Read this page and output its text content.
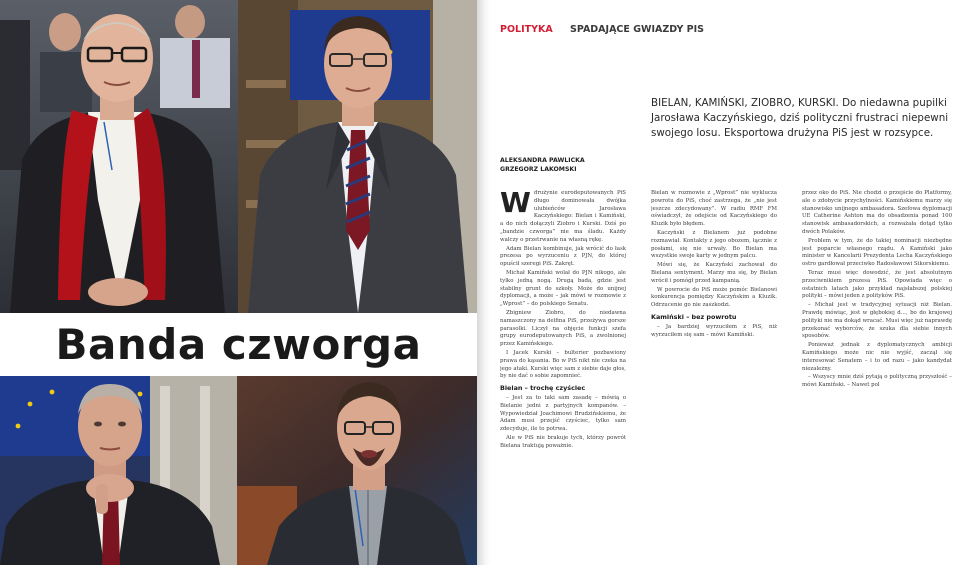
Banda czworga
POLITYKA SPADAJĄCE GWIAZDY PIS

BIELAN, KAMIŃSKI, ZIOBRO, KURSKI. Do niedawna pupilki Jarosława Kaczyńskiego, dziś polityczni frustraci niepewni swojego losu. Eksportowa drużyna PiS jest w rozsypce.

ALEKSANDRA PAWLICKA
GRZEGORZ LAKOMSKI

Wdrużynie eurodeputowanych PiS długo dominowała dwójka ulubieńców Jarosława Kaczyńskiego: Bielan i Kamiński, a do nich dołączyli Ziobro i Kurski. Dziś po „bandzie czworga” nie ma śladu. Każdy walczy o przetrwanie na własną rękę.

Adam Bielan kombinuje, jak wrócić do łask prezesa po wyrzuceniu z PJN, do której opuścił szeregi PiS. Zakręt.

Michał Kamiński wolał do PJN nikogo, ale tylko jedną nogą. Drugą bada, gdzie jest stabilny grunt do szkoły. Może do unijnej dyplomacji, a może – jak mówi w rozmowie z „Wprost” – do polskiego Senatu.

Zbigniew Ziobro, do niedawna namaszczony na delfina PiS, przeżywa gorsze parasolki. Liczył na objęcie funkcji szefa grupy eurodeputowanych PiS, a zwolnionej przez Kamińskiego.

I Jacek Kurski – bulterier pozbawiony prawa do kąsania. Bo w PiS nikt nie czeka na jego ataki. Kurski więc sam z siebie daje głos, by nie dać o sobie zapomnieć.

Bielan – trochę czyściec

– Jest za to taki sam zasadę – mówią o Bielanie jedni z partyjnych kompanów. – Wypowiedział Joachimowi Brudzińskiemu, że Adam musi przejść czyściec, tylko sam zdecyduje, ile to potrwa.

Ale w PiS nie brakuje tych, którzy powrót Bielana traktują poważnie.

Bielan w rozmowie z „Wprost” nie wyklucza powrotu do PiS, choć zastrzega, że „nie jest jeszcze zdecydowany”. W radiu RMF FM oświadczył, że odejście od Kaczyńskiego do Kluzik było błędem.

Kaczyński z Bielanem już podobne rozmawiał. Kontakty z jego obozem, łącznie z posłami, się nie urwały. Bo Bielan ma wszystkie swoje karty w jednym palcu.

Mówi się, że Kaczyński zachował do Bielana sentyment. Marzy mu się, by Bielan wrócił i pomógł przed kampanią.

W powrocie do PiS może pomóc Bielanowi konkurencja pomiędzy Kaczyńskim a Kluzik. Odrzucenie go nie zaszkodzi.

Kamiński – bez powrotu

– Ja bardziej wyrzuciłem z PiS, niż wyrzuciłem się sam – mówi Kamiński.

przez oko do PiS. Nie chodzi o przejście do Platformy, ale o zdobycie przychylności. Kamińskiemu marzy się stanowisko unijnego ambasadora. Szefowa dyplomacji UE Catherine Ashton ma do obsadzenia ponad 100 stanowisk ambasadorskich, a rozważała dotąd tylko dwóch Polaków.

Problem w tym, że do takiej nominacji niezbędne jest poparcie własnego rządu. A Kamiński jako minister w Kancelarii Prezydenta Lecha Kaczyńskiego ostro gardłował przeciwko Radosławowi Sikorskiemu.

Teraz musi więc dowodzić, że jest absolutnym przeciwnikiem prezesa PiS. Opowiada więc o ostatnich latach jako przykład najsłabszej polskiej polityki – mówi jeden z polityków PiS.

– Michał jest w tradycyjnej sytuacji niż Bielan. Prawdę mówiąc, jest w głębokiej d..., bo do krajowej polityki nie ma dokąd wracać. Musi więc już naprawdę przekonać wyborców, że szuka dla siebie innych sposobów.

Ponieważ jednak z dyplomatycznych ambicji Kamińskiego może nic nie wyjść, zaczął się interesować Senatem – i to od razu – jako kandydat niezależny.

– Wszyscy mnie dziś pytają o polityczną przyszłość – mówi Kamiński. – Nawet pol
